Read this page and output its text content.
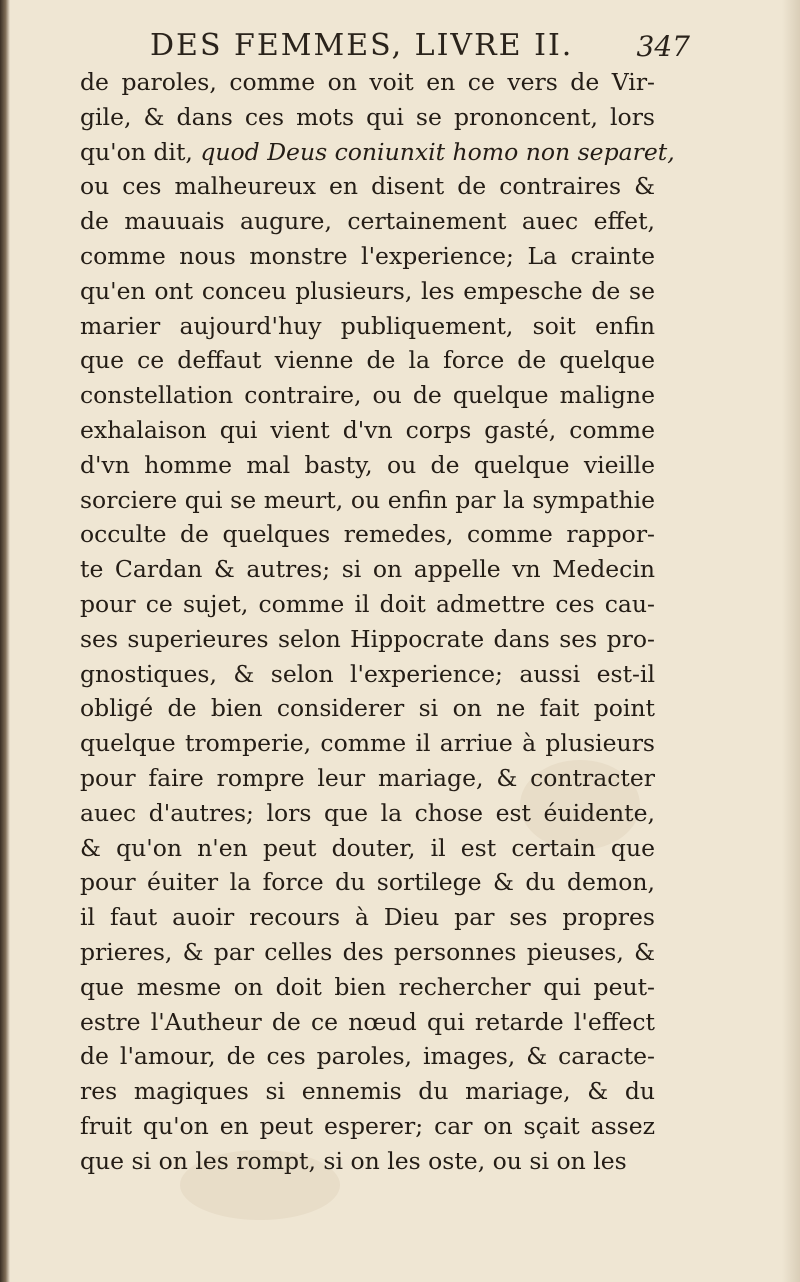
DES FEMMES, LIVRE II. 347
de paroles, comme on voit en ce vers de Vir-
gile, & dans ces mots qui se prononcent, lors
qu'on dit, quod Deus coniunxit homo non separet,
ou ces malheureux en disent de contraires &
de mauuais augure, certainement auec effet,
comme nous monstre l'experience; La crainte
qu'en ont conceu plusieurs, les empesche de se
marier aujourd'huy publiquement, soit enfin
que ce deffaut vienne de la force de quelque
constellation contraire, ou de quelque maligne
exhalaison qui vient d'vn corps gasté, comme
d'vn homme mal basty, ou de quelque vieille
sorciere qui se meurt, ou enfin par la sympathie
occulte de quelques remedes, comme rappor-
te Cardan & autres; si on appelle vn Medecin
pour ce sujet, comme il doit admettre ces cau-
ses superieures selon Hippocrate dans ses pro-
gnostiques, & selon l'experience; aussi est-il
obligé de bien considerer si on ne fait point
quelque tromperie, comme il arriue à plusieurs
pour faire rompre leur mariage, & contracter
auec d'autres; lors que la chose est éuidente,
& qu'on n'en peut douter, il est certain que
pour éuiter la force du sortilege & du demon,
il faut auoir recours à Dieu par ses propres
prieres, & par celles des personnes pieuses, &
que mesme on doit bien rechercher qui peut-
estre l'Autheur de ce nœud qui retarde l'effect
de l'amour, de ces paroles, images, & caracte-
res magiques si ennemis du mariage, & du
fruit qu'on en peut esperer; car on sçait assez
que si on les rompt, si on les oste, ou si on les
